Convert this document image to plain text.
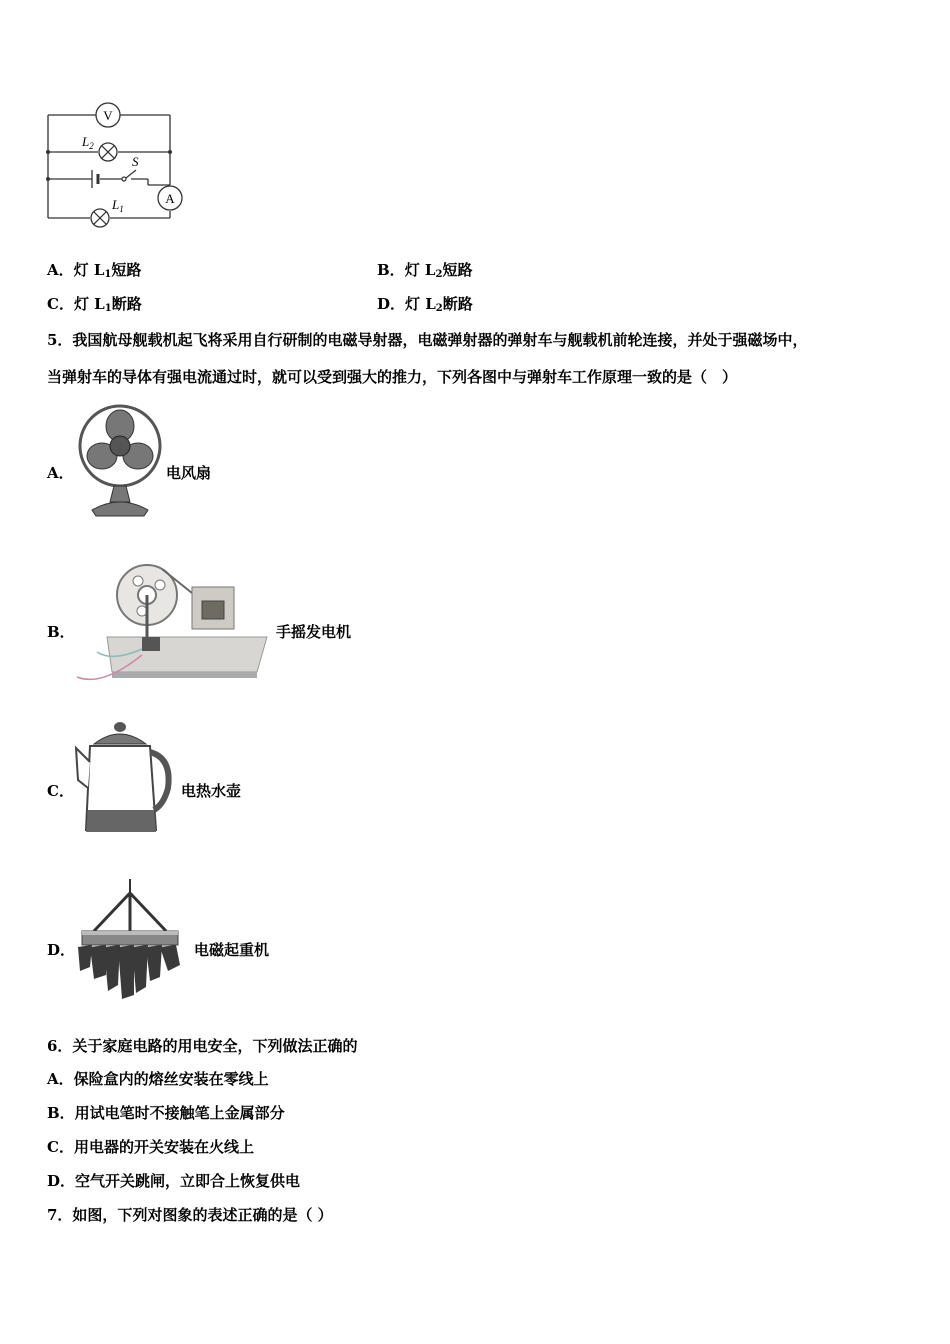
V
$L_2$
S
A
$L_1$
A．灯 $L_1$短路	B．灯 $L_2$短路
C．灯 $L_1$断路	D．灯 $L_2$断路
5．我国航母舰载机起飞将采用自行研制的电磁导射器，电磁弹射器的弹射车与舰载机前轮连接，并处于强磁场中，
当弹射车的导体有强电流通过时，就可以受到强大的推力，下列各图中与弹射车工作原理一致的是（　）
A．	电风扇
B．	手摇发电机
C．	电热水壶
D．	电磁起重机
6．关于家庭电路的用电安全，下列做法正确的
A．保险盒内的熔丝安装在零线上
B．用试电笔时不接触笔上金属部分
C．用电器的开关安装在火线上
D．空气开关跳闸，立即合上恢复供电
7．如图，下列对图象的表述正确的是（ ）
